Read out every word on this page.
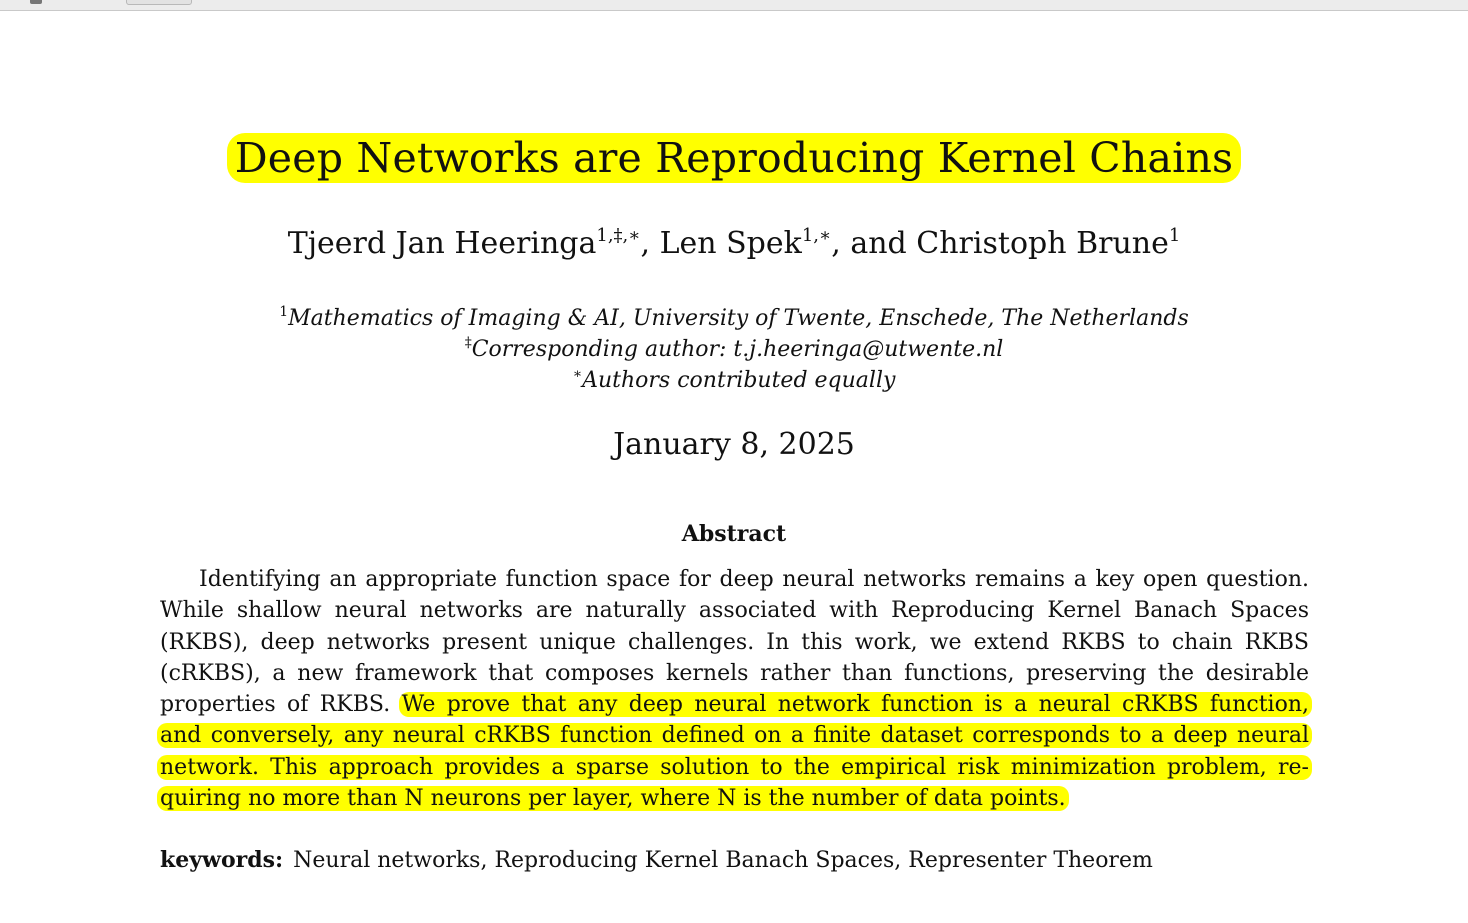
Deep Networks are Reproducing Kernel Chains
Tjeerd Jan Heeringa$^{1,\ddagger,∗}$, Len Spek$^{1,∗}$, and Christoph Brune$^1$
$^1$Mathematics of Imaging & AI, University of Twente, Enschede, The Netherlands
‡Corresponding author: t.j.heeringa@utwente.nl
∗Authors contributed equally
January 8, 2025
Abstract
Identifying an appropriate function space for deep neural networks remains a key open question.
While shallow neural networks are naturally associated with Reproducing Kernel Banach Spaces
(RKBS), deep networks present unique challenges. In this work, we extend RKBS to chain RKBS
(cRKBS), a new framework that composes kernels rather than functions, preserving the desirable
properties of RKBS. We prove that any deep neural network function is a neural cRKBS function,
and conversely, any neural cRKBS function defined on a finite dataset corresponds to a deep neural
network. This approach provides a sparse solution to the empirical risk minimization problem, re-
quiring no more than N neurons per layer, where N is the number of data points.
keywords: Neural networks, Reproducing Kernel Banach Spaces, Representer Theorem
